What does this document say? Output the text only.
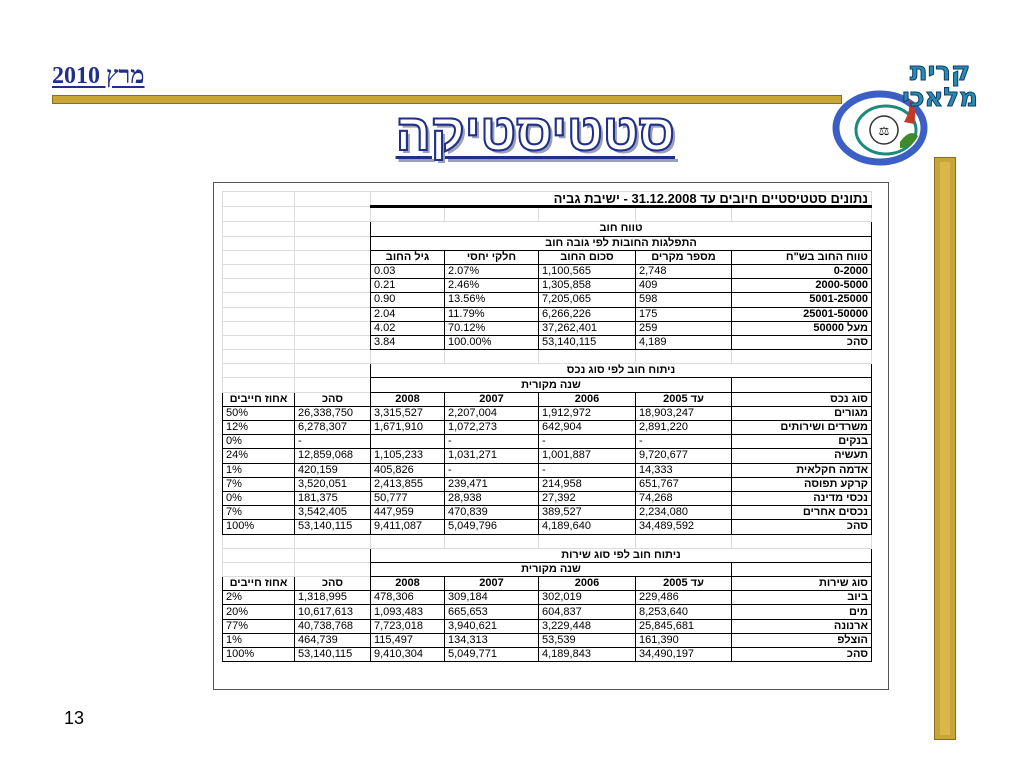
מרץ 2010
סטטיסטיקה	⚖
קרית
מלאכי
נתונים סטטיסטיים חיובים עד 31.12.2008 - ישיבת גביה						

טווח חוב						
התפלגות החובות לפי גובה חוב						
טווח החוב בש"ח	מספר מקרים	סכום החוב	חלקי יחסי	גיל החוב		
0-2000	2,748	1,100,565	2.07%	0.03		
2000-5000	409	1,305,858	2.46%	0.21		
5001-25000	598	7,205,065	13.56%	0.90		
25001-50000	175	6,266,226	11.79%	2.04		
מעל 50000	259	37,262,401	70.12%	4.02		
סהכ	4,189	53,140,115	100.00%	3.84		

ניתוח חוב לפי סוג נכס						
	שנה מקורית					
סוג נכס	עד 2005	2006	2007	2008	סהכ	אחוז חייבים
מגורים	18,903,247	1,912,972	2,207,004	3,315,527	26,338,750	50%
משרדים ושירותים	2,891,220	642,904	1,072,273	1,671,910	6,278,307	12%
בנקים	-	-	-		-	0%
תעשיה	9,720,677	1,001,887	1,031,271	1,105,233	12,859,068	24%
אדמה חקלאית	14,333	-	-	405,826	420,159	1%
קרקע תפוסה	651,767	214,958	239,471	2,413,855	3,520,051	7%
נכסי מדינה	74,268	27,392	28,938	50,777	181,375	0%
נכסים אחרים	2,234,080	389,527	470,839	447,959	3,542,405	7%
סהכ	34,489,592	4,189,640	5,049,796	9,411,087	53,140,115	100%

ניתוח חוב לפי סוג שירות						
	שנה מקורית					
סוג שירות	עד 2005	2006	2007	2008	סהכ	אחוז חייבים
ביוב	229,486	302,019	309,184	478,306	1,318,995	2%
מים	8,253,640	604,837	665,653	1,093,483	10,617,613	20%
ארנונה	25,845,681	3,229,448	3,940,621	7,723,018	40,738,768	77%
הוצלפ	161,390	53,539	134,313	115,497	464,739	1%
סהכ	34,490,197	4,189,843	5,049,771	9,410,304	53,140,115	100%
13
